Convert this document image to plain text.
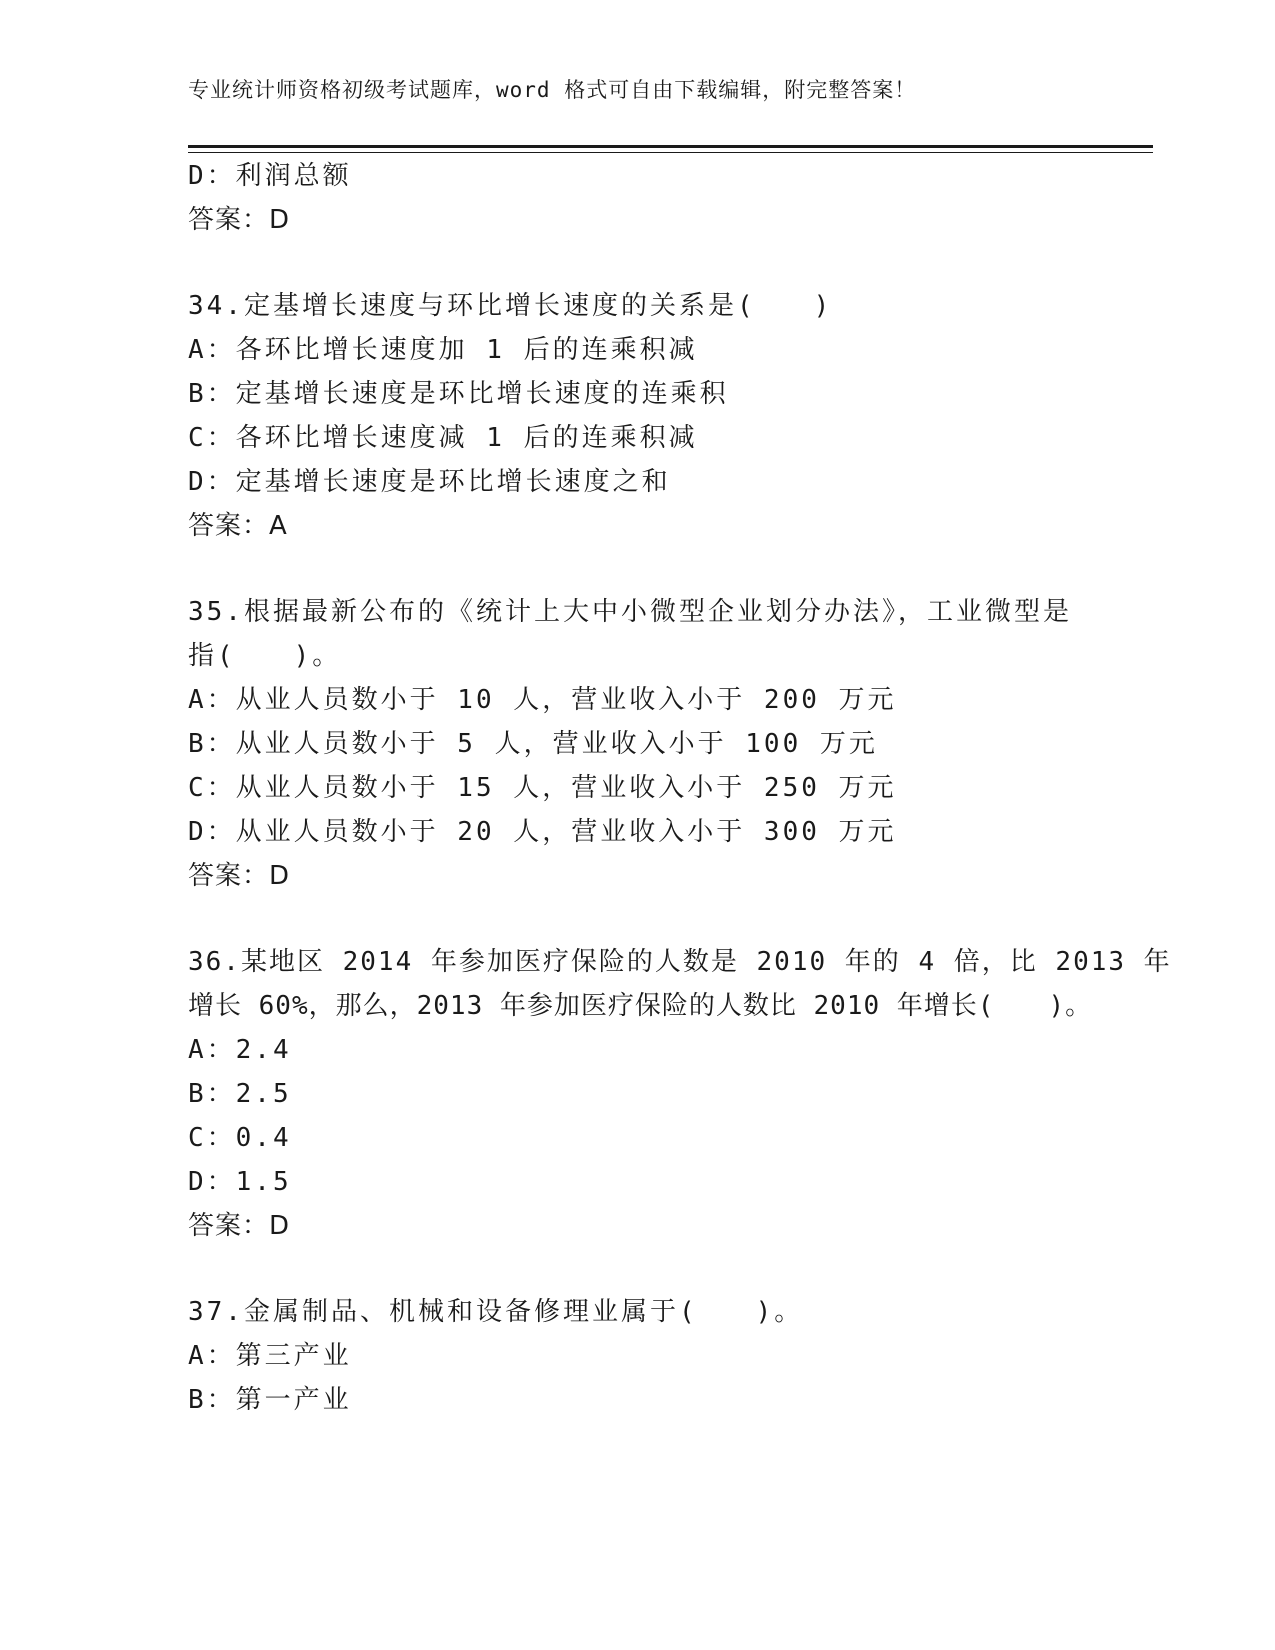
专业统计师资格初级考试题库，word 格式可自由下载编辑，附完整答案！
D：利润总额
答案：D
34.定基增长速度与环比增长速度的关系是(　　)
A：各环比增长速度加 1 后的连乘积减
B：定基增长速度是环比增长速度的连乘积
C：各环比增长速度减 1 后的连乘积减
D：定基增长速度是环比增长速度之和
答案：A
35.根据最新公布的《统计上大中小微型企业划分办法》，工业微型是
指(　　)。
A：从业人员数小于 10 人，营业收入小于 200 万元
B：从业人员数小于 5 人，营业收入小于 100 万元
C：从业人员数小于 15 人，营业收入小于 250 万元
D：从业人员数小于 20 人，营业收入小于 300 万元
答案：D
36.某地区 2014 年参加医疗保险的人数是 2010 年的 4 倍，比 2013 年
增长 60%，那么，2013 年参加医疗保险的人数比 2010 年增长(　　)。
A：2.4
B：2.5
C：0.4
D：1.5
答案：D
37.金属制品、机械和设备修理业属于(　　)。
A：第三产业
B：第一产业
